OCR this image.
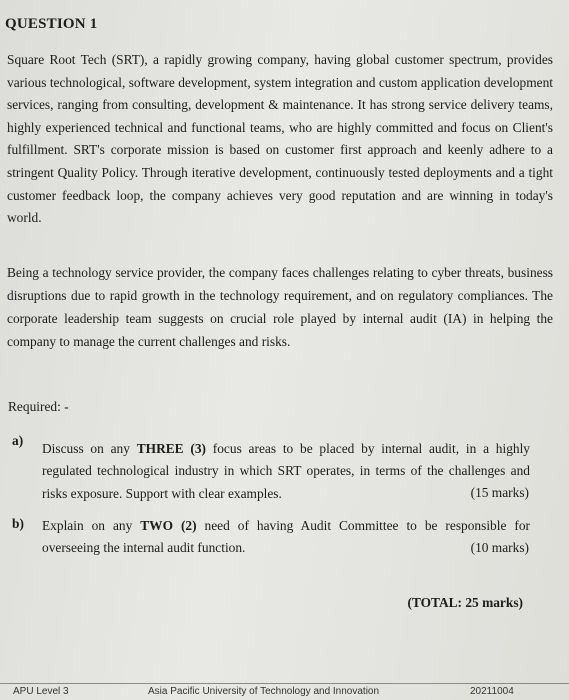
QUESTION 1
Square Root Tech (SRT), a rapidly growing company, having global customer spectrum, provides various technological, software development, system integration and custom application development services, ranging from consulting, development & maintenance. It has strong service delivery teams, highly experienced technical and functional teams, who are highly committed and focus on Client's fulfillment. SRT's corporate mission is based on customer first approach and keenly adhere to a stringent Quality Policy. Through iterative development, continuously tested deployments and a tight customer feedback loop, the company achieves very good reputation and are winning in today's world.
Being a technology service provider, the company faces challenges relating to cyber threats, business disruptions due to rapid growth in the technology requirement, and on regulatory compliances. The corporate leadership team suggests on crucial role played by internal audit (IA) in helping the company to manage the current challenges and risks.
Required: -
a)
Discuss on any THREE (3) focus areas to be placed by internal audit, in a highly regulated technological industry in which SRT operates, in terms of the challenges and risks exposure. Support with clear examples.	(15 marks)
b) Explain on any TWO (2) need of having Audit Committee to be responsible for overseeing the internal audit function.	(10 marks)
(TOTAL: 25 marks)
APU Level 3	Asia Pacific University of Technology and Innovation	20211004
